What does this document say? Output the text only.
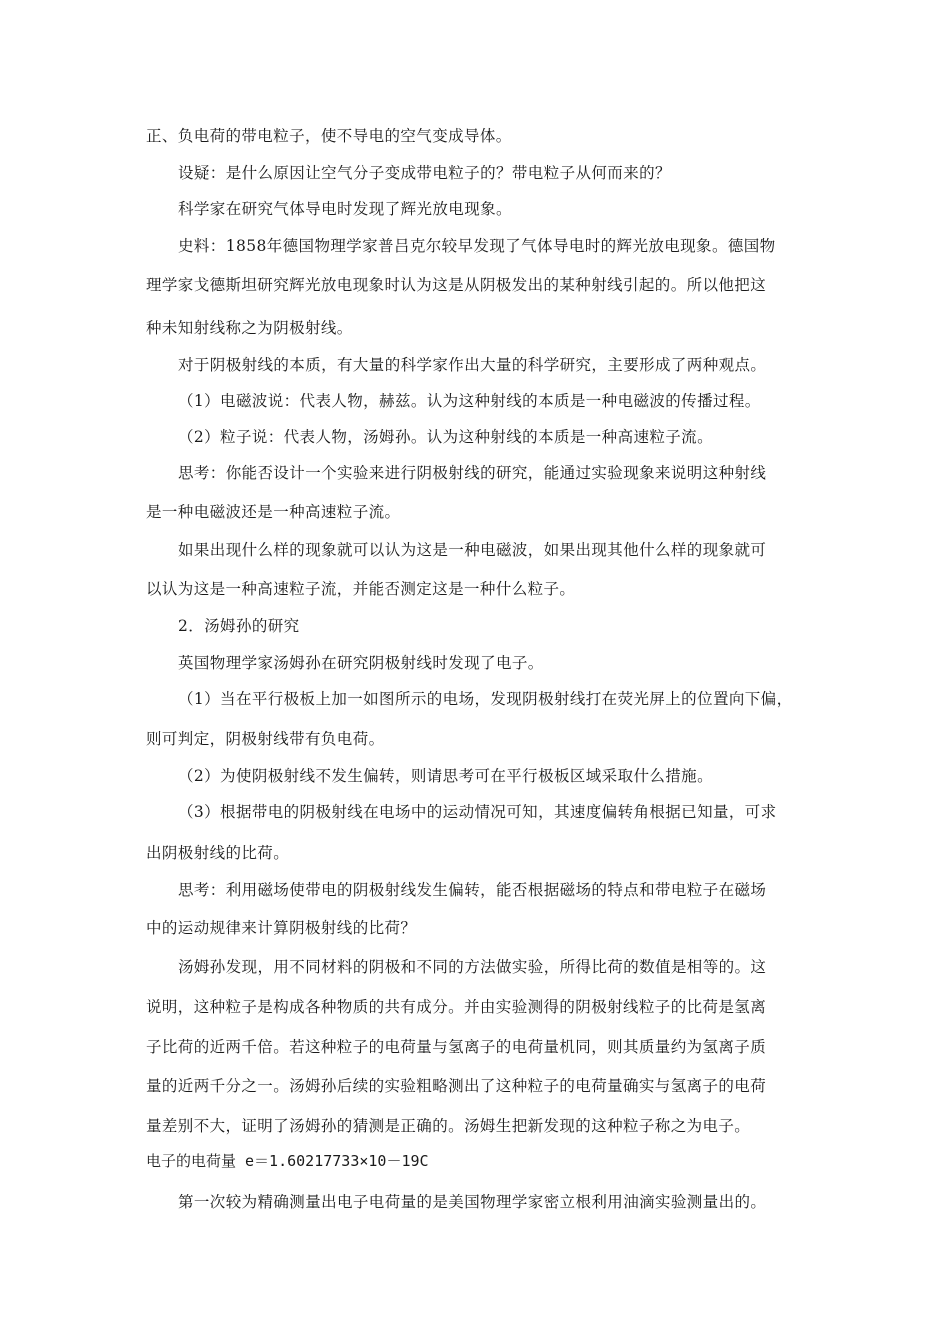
正、负电荷的带电粒子，使不导电的空气变成导体。
设疑：是什么原因让空气分子变成带电粒子的？带电粒子从何而来的？
科学家在研究气体导电时发现了辉光放电现象。
史料：1858年德国物理学家普吕克尔较早发现了气体导电时的辉光放电现象。德国物
理学家戈德斯坦研究辉光放电现象时认为这是从阴极发出的某种射线引起的。所以他把这
种未知射线称之为阴极射线。
对于阴极射线的本质，有大量的科学家作出大量的科学研究，主要形成了两种观点。
（1）电磁波说：代表人物，赫兹。认为这种射线的本质是一种电磁波的传播过程。
（2）粒子说：代表人物，汤姆孙。认为这种射线的本质是一种高速粒子流。
思考：你能否设计一个实验来进行阴极射线的研究，能通过实验现象来说明这种射线
是一种电磁波还是一种高速粒子流。
如果出现什么样的现象就可以认为这是一种电磁波，如果出现其他什么样的现象就可
以认为这是一种高速粒子流，并能否测定这是一种什么粒子。
2．汤姆孙的研究
英国物理学家汤姆孙在研究阴极射线时发现了电子。
（1）当在平行极板上加一如图所示的电场，发现阴极射线打在荧光屏上的位置向下偏，
则可判定，阴极射线带有负电荷。
（2）为使阴极射线不发生偏转，则请思考可在平行极板区域采取什么措施。
（3）根据带电的阴极射线在电场中的运动情况可知，其速度偏转角根据已知量，可求
出阴极射线的比荷。
思考：利用磁场使带电的阴极射线发生偏转，能否根据磁场的特点和带电粒子在磁场
中的运动规律来计算阴极射线的比荷？
汤姆孙发现，用不同材料的阴极和不同的方法做实验，所得比荷的数值是相等的。这
说明，这种粒子是构成各种物质的共有成分。并由实验测得的阴极射线粒子的比荷是氢离
子比荷的近两千倍。若这种粒子的电荷量与氢离子的电荷量机同，则其质量约为氢离子质
量的近两千分之一。汤姆孙后续的实验粗略测出了这种粒子的电荷量确实与氢离子的电荷
量差别不大，证明了汤姆孙的猜测是正确的。汤姆生把新发现的这种粒子称之为电子。
电子的电荷量 e＝1.60217733×10－19C
第一次较为精确测量出电子电荷量的是美国物理学家密立根利用油滴实验测量出的。
